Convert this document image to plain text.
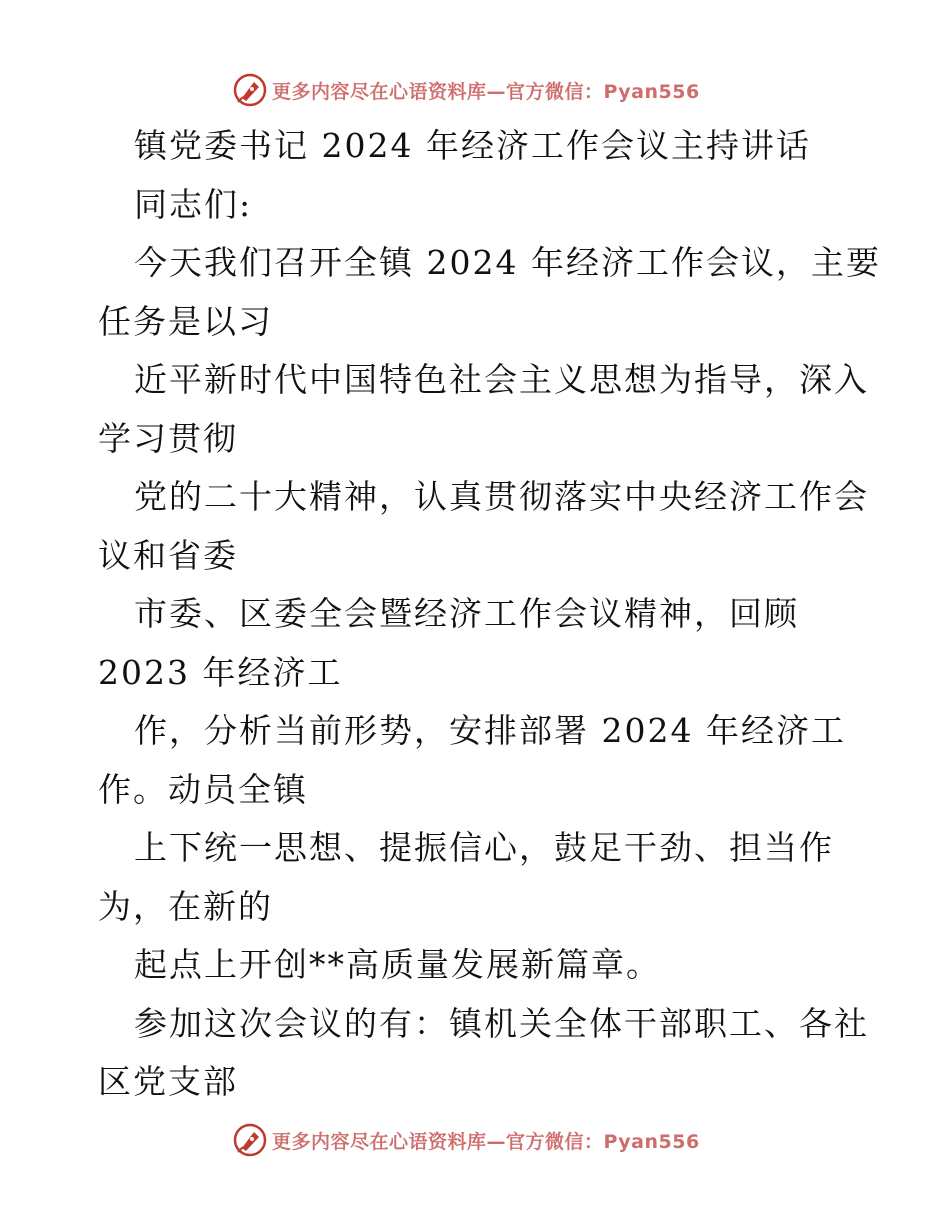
更多内容尽在心语资料库—官方微信：Pyan556
镇党委书记 2024 年经济工作会议主持讲话
同志们:
今天我们召开全镇 2024 年经济工作会议，主要
任务是以习
近平新时代中国特色社会主义思想为指导，深入
学习贯彻
党的二十大精神，认真贯彻落实中央经济工作会
议和省委
市委、区委全会暨经济工作会议精神，回顾
2023 年经济工
作，分析当前形势，安排部署 2024 年经济工
作。动员全镇
上下统一思想、提振信心，鼓足干劲、担当作
为，在新的
起点上开创**高质量发展新篇章。
参加这次会议的有：镇机关全体干部职工、各社
区党支部
更多内容尽在心语资料库—官方微信：Pyan556
